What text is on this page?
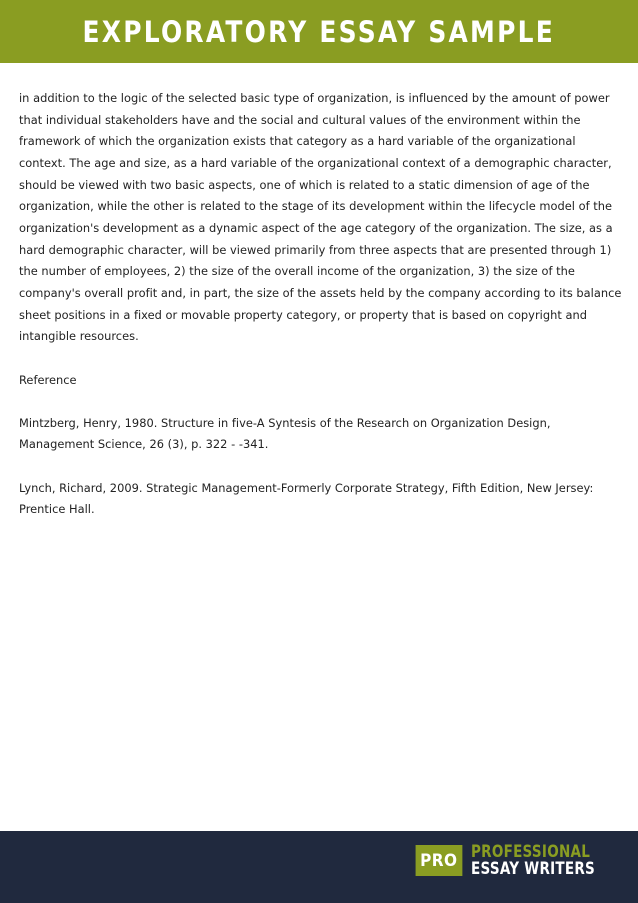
EXPLORATORY ESSAY SAMPLE

in addition to the logic of the selected basic type of organization, is influenced by the amount of power that individual stakeholders have and the social and cultural values of the environment within the framework of which the organization exists that category as a hard variable of the organizational context. The age and size, as a hard variable of the organizational context of a demographic character, should be viewed with two basic aspects, one of which is related to a static dimension of age of the organization, while the other is related to the stage of its development within the lifecycle model of the organization's development as a dynamic aspect of the age category of the organization. The size, as a hard demographic character, will be viewed primarily from three aspects that are presented through 1) the number of employees, 2) the size of the overall income of the organization, 3) the size of the company's overall profit and, in part, the size of the assets held by the company according to its balance sheet positions in a fixed or movable property category, or property that is based on copyright and intangible resources.

Reference

Mintzberg, Henry, 1980. Structure in five-A Syntesis of the Research on Organization Design, Management Science, 26 (3), p. 322 - -341.

Lynch, Richard, 2009. Strategic Management-Formerly Corporate Strategy, Fifth Edition, New Jersey: Prentice Hall.

PRO PROFESSIONAL
ESSAY WRITERS
